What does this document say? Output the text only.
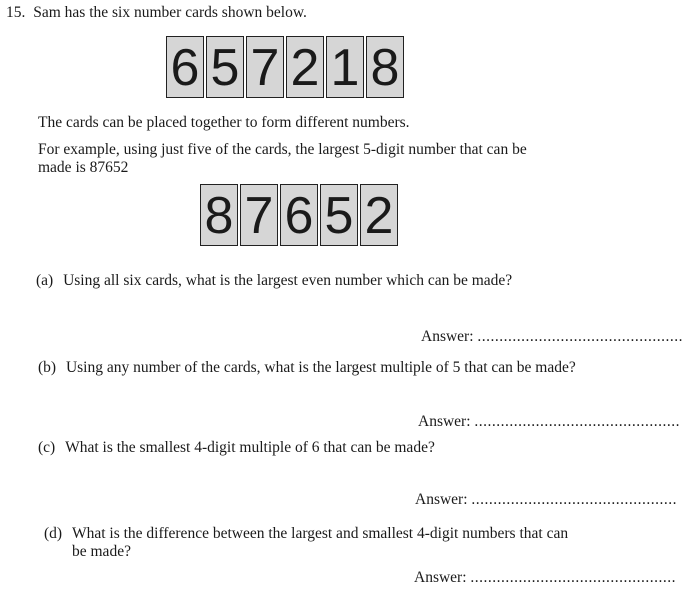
15. Sam has the six number cards shown below.
6 5 7 2 1 8
The cards can be placed together to form different numbers.
For example, using just five of the cards, the largest 5-digit number that can be
made is 87652
8 7 6 5 2
(a) Using all six cards, what is the largest even number which can be made?
Answer: ...............................................
(b) Using any number of the cards, what is the largest multiple of 5 that can be made?
Answer: ...............................................
(c) What is the smallest 4-digit multiple of 6 that can be made?
Answer: ...............................................
(d) What is the difference between the largest and smallest 4-digit numbers that can
be made?
Answer: ...............................................
